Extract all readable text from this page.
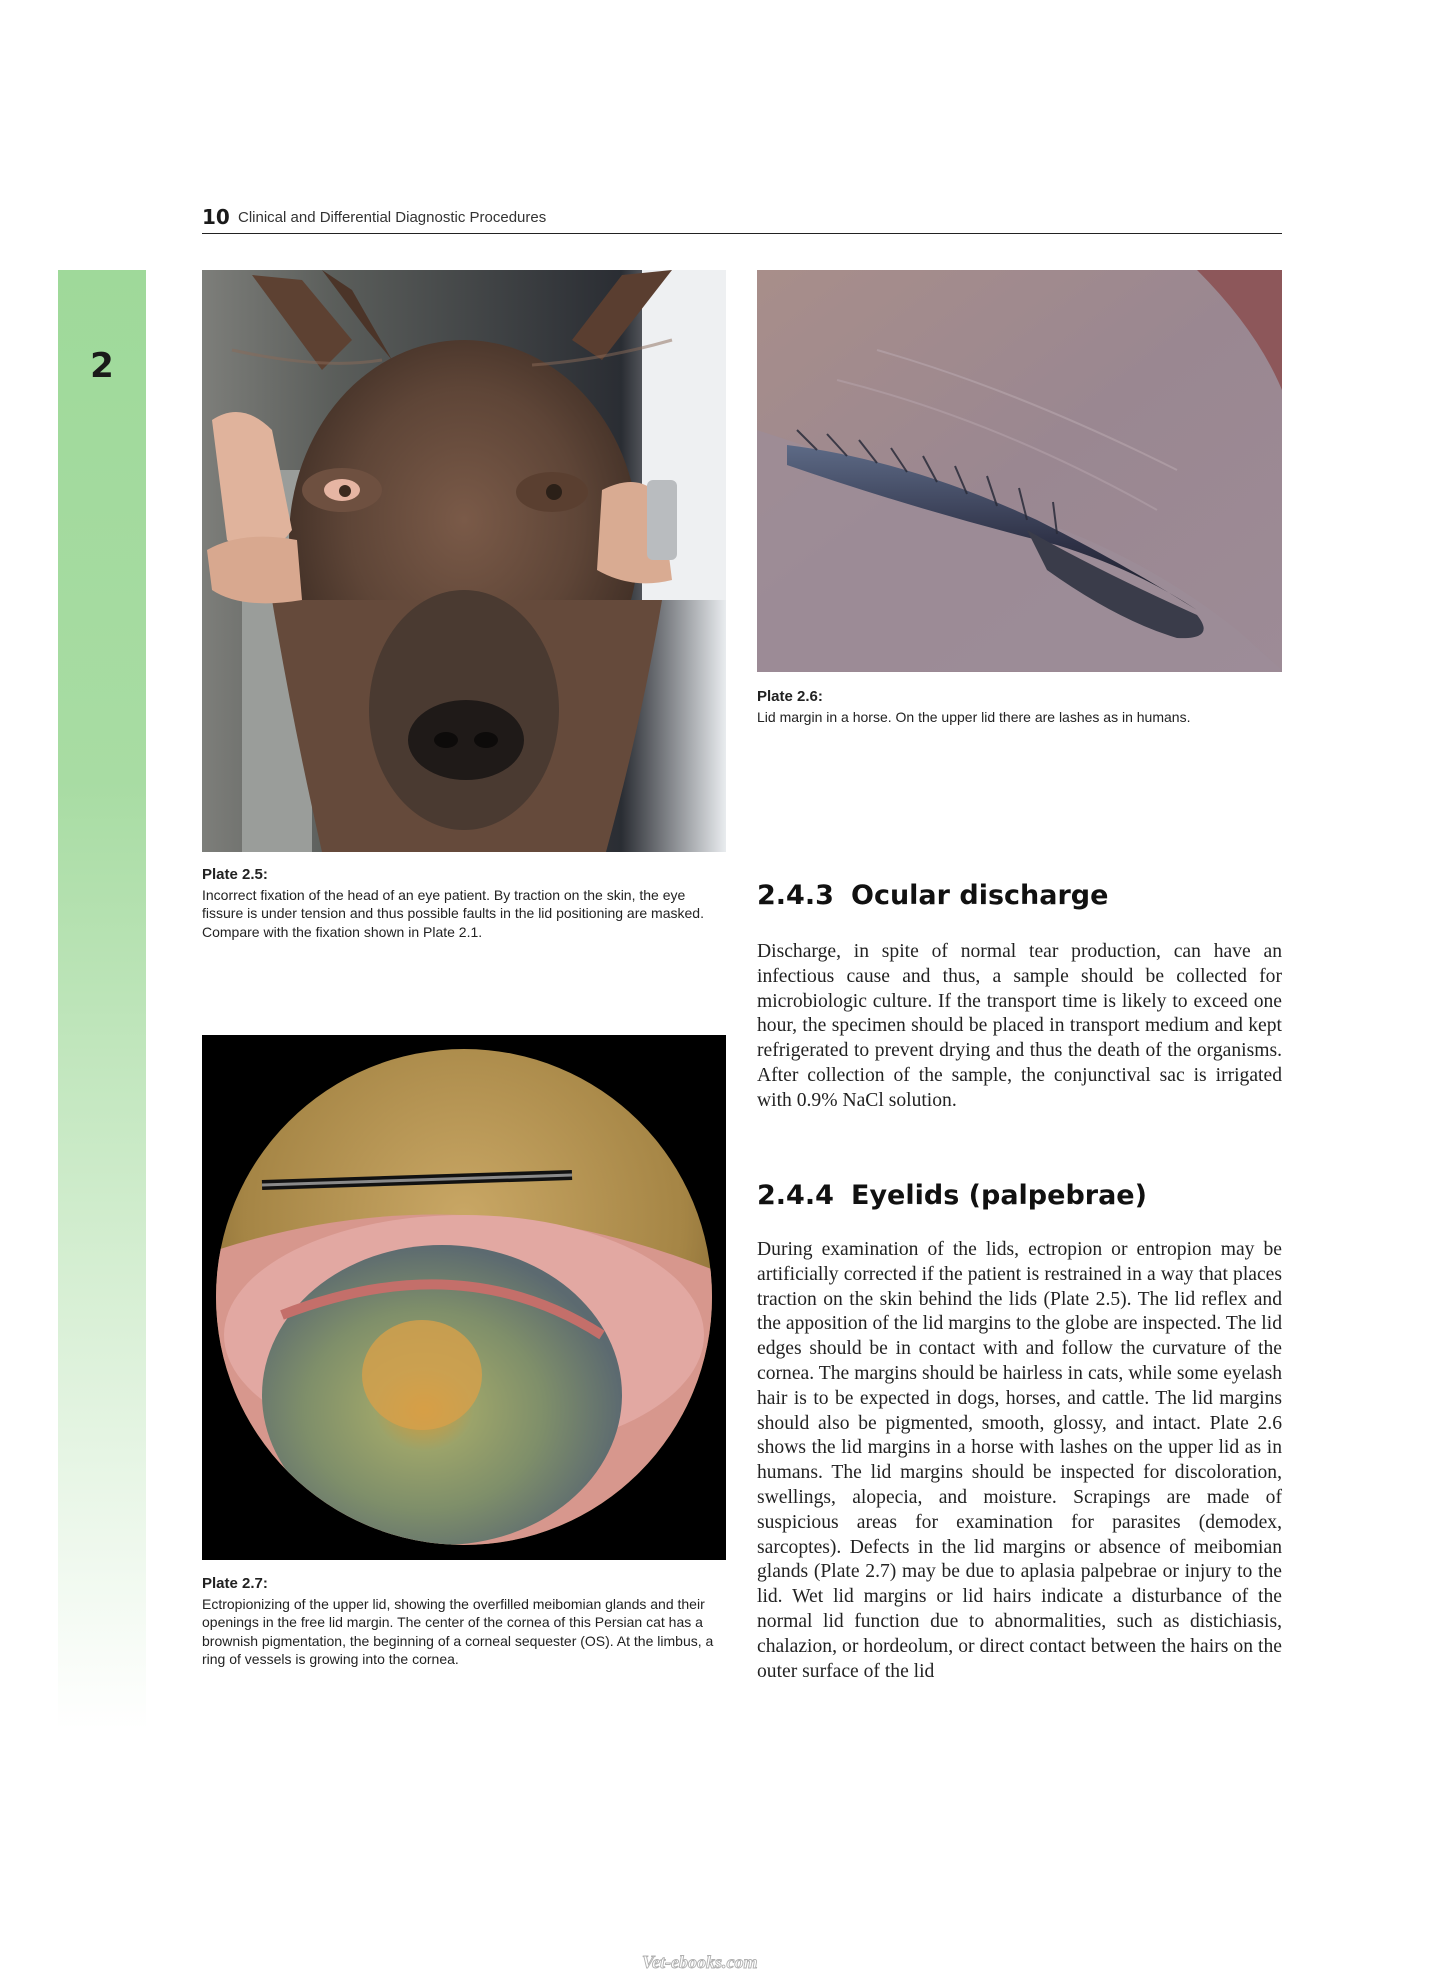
10 Clinical and Differential Diagnostic Procedures
2
Plate 2.5:
Incorrect fixation of the head of an eye patient. By traction on the skin, the eye fissure is under tension and thus possible faults in the lid positioning are masked. Compare with the fixation shown in Plate 2.1.
Plate 2.6:
Lid margin in a horse. On the upper lid there are lashes as in humans.
2.4.3 Ocular discharge
Discharge, in spite of normal tear production, can have an infectious cause and thus, a sample should be collected for microbiologic culture. If the transport time is likely to exceed one hour, the specimen should be placed in transport medium and kept refrigerated to prevent drying and thus the death of the organisms. After collection of the sample, the conjunctival sac is irrigated with 0.9% NaCl solution.
Plate 2.7:
Ectropionizing of the upper lid, showing the overfilled meibomian glands and their openings in the free lid margin. The center of the cornea of this Persian cat has a brownish pigmentation, the beginning of a corneal sequester (OS). At the limbus, a ring of vessels is growing into the cornea.
2.4.4 Eyelids (palpebrae)
During examination of the lids, ectropion or entropion may be artificially corrected if the patient is restrained in a way that places traction on the skin behind the lids (Plate 2.5). The lid reflex and the apposition of the lid margins to the globe are inspected. The lid edges should be in contact with and follow the curvature of the cornea. The margins should be hairless in cats, while some eyelash hair is to be expected in dogs, horses, and cattle. The lid margins should also be pigmented, smooth, glossy, and intact. Plate 2.6 shows the lid margins in a horse with lashes on the upper lid as in humans. The lid margins should be inspected for discoloration, swellings, alopecia, and moisture. Scrapings are made of suspicious areas for examination for parasites (demodex, sarcoptes). Defects in the lid margins or absence of meibomian glands (Plate 2.7) may be due to aplasia palpebrae or injury to the lid. Wet lid margins or lid hairs indicate a disturbance of the normal lid function due to abnormalities, such as distichiasis, chalazion, or hordeolum, or direct contact between the hairs on the outer surface of the lid
Vet-ebooks.com
